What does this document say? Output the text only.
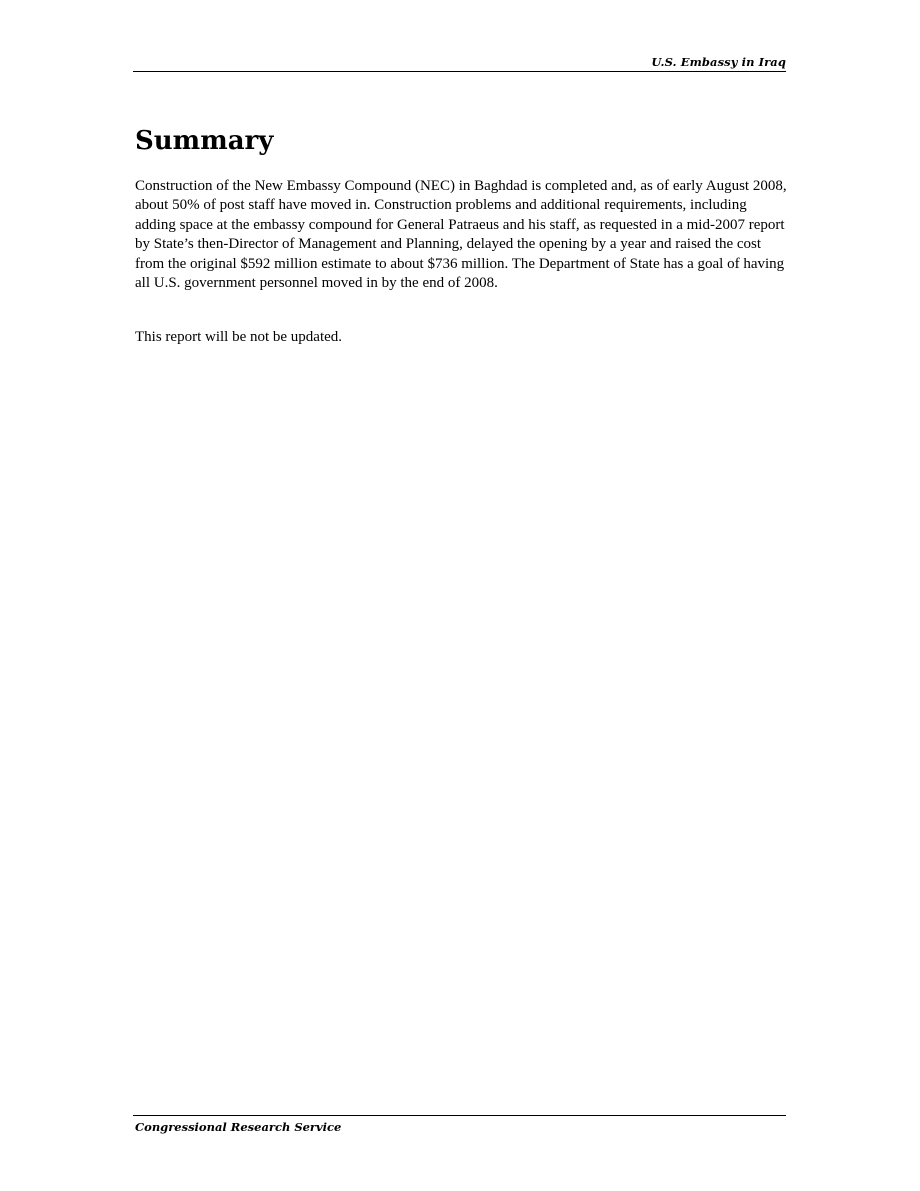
U.S. Embassy in Iraq
Summary

Construction of the New Embassy Compound (NEC) in Baghdad is completed and, as of early August 2008, about 50% of post staff have moved in. Construction problems and additional requirements, including adding space at the embassy compound for General Patraeus and his staff, as requested in a mid-2007 report by State’s then-Director of Management and Planning, delayed the opening by a year and raised the cost from the original $592 million estimate to about $736 million. The Department of State has a goal of having all U.S. government personnel moved in by the end of 2008.

This report will be not be updated.

Congressional Research Service
